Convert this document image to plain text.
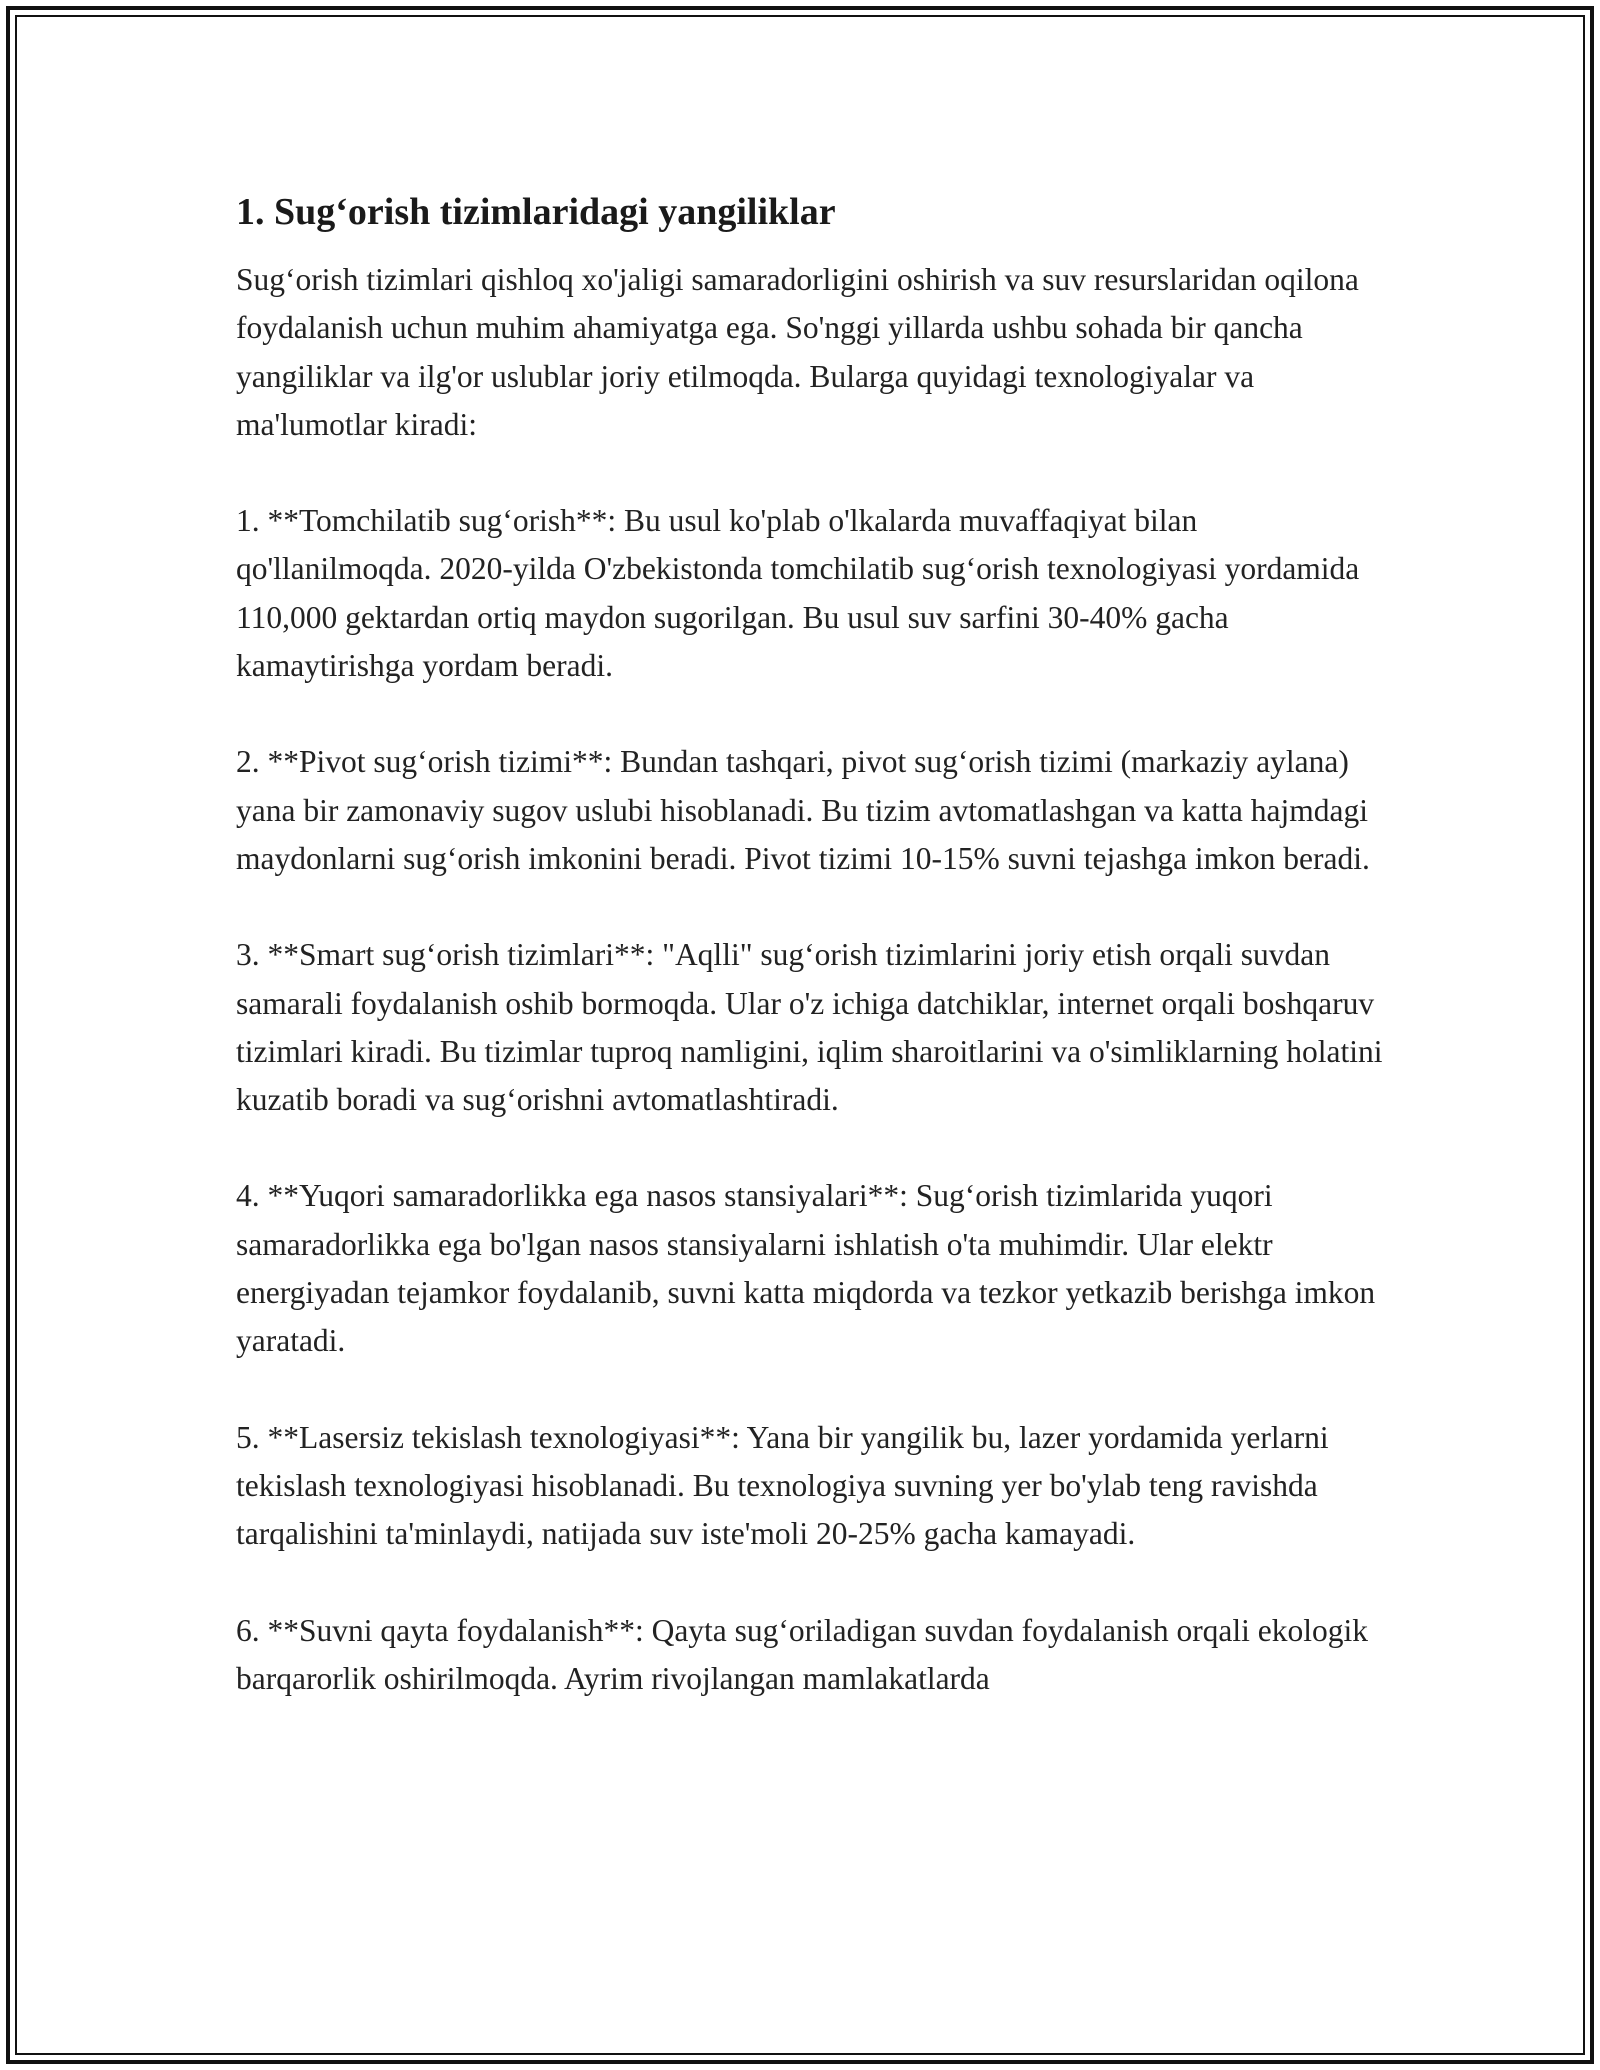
1. Sug‘orish tizimlaridagi yangiliklar

Sug‘orish tizimlari qishloq xo'jaligi samaradorligini oshirish va suv resurslaridan oqilona foydalanish uchun muhim ahamiyatga ega. So'nggi yillarda ushbu sohada bir qancha yangiliklar va ilg'or uslublar joriy etilmoqda. Bularga quyidagi texnologiyalar va ma'lumotlar kiradi:

1. **Tomchilatib sug‘orish**: Bu usul ko'plab o'lkalarda muvaffaqiyat bilan qo'llanilmoqda. 2020-yilda O'zbekistonda tomchilatib sug‘orish texnologiyasi yordamida 110,000 gektardan ortiq maydon sugorilgan. Bu usul suv sarfini 30-40% gacha kamaytirishga yordam beradi.

2. **Pivot sug‘orish tizimi**: Bundan tashqari, pivot sug‘orish tizimi (markaziy aylana) yana bir zamonaviy sugov uslubi hisoblanadi. Bu tizim avtomatlashgan va katta hajmdagi maydonlarni sug‘orish imkonini beradi. Pivot tizimi 10-15% suvni tejashga imkon beradi.

3. **Smart sug‘orish tizimlari**: "Aqlli" sug‘orish tizimlarini joriy etish orqali suvdan samarali foydalanish oshib bormoqda. Ular o'z ichiga datchiklar, internet orqali boshqaruv tizimlari kiradi. Bu tizimlar tuproq namligini, iqlim sharoitlarini va o'simliklarning holatini kuzatib boradi va sug‘orishni avtomatlashtiradi.

4. **Yuqori samaradorlikka ega nasos stansiyalari**: Sug‘orish tizimlarida yuqori samaradorlikka ega bo'lgan nasos stansiyalarni ishlatish o'ta muhimdir. Ular elektr energiyadan tejamkor foydalanib, suvni katta miqdorda va tezkor yetkazib berishga imkon yaratadi.

5. **Lasersiz tekislash texnologiyasi**: Yana bir yangilik bu, lazer yordamida yerlarni tekislash texnologiyasi hisoblanadi. Bu texnologiya suvning yer bo'ylab teng ravishda tarqalishini ta'minlaydi, natijada suv iste'moli 20-25% gacha kamayadi.

6. **Suvni qayta foydalanish**: Qayta sug‘oriladigan suvdan foydalanish orqali ekologik barqarorlik oshirilmoqda. Ayrim rivojlangan mamlakatlarda
